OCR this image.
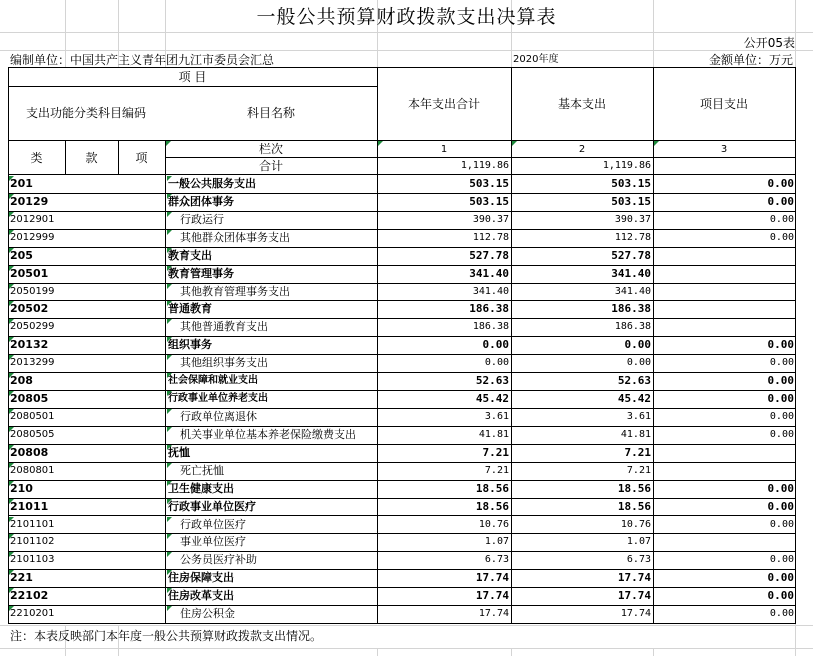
一般公共预算财政拨款支出决算表
公开05表
编制单位：中国共产主义青年团九江市委员会汇总	2020年度	金额单位：万元
项 目
支出功能分类科目编码	科目名称
本年支出合计	基本支出	项目支出
类	款	项
栏次	1	2	3
合计	1,119.86	1,119.86
201	一般公共服务支出	503.15	503.15	0.00
20129	群众团体事务	503.15	503.15	0.00
2012901	行政运行	390.37	390.37	0.00
2012999	其他群众团体事务支出	112.78	112.78	0.00
205	教育支出	527.78	527.78
20501	教育管理事务	341.40	341.40
2050199	其他教育管理事务支出	341.40	341.40
20502	普通教育	186.38	186.38
2050299	其他普通教育支出	186.38	186.38
20132	组织事务	0.00	0.00	0.00
2013299	其他组织事务支出	0.00	0.00	0.00
208	社会保障和就业支出	52.63	52.63	0.00
20805	行政事业单位养老支出	45.42	45.42	0.00
2080501	行政单位离退休	3.61	3.61	0.00
2080505	机关事业单位基本养老保险缴费支出	41.81	41.81	0.00
20808	抚恤	7.21	7.21
2080801	死亡抚恤	7.21	7.21
210	卫生健康支出	18.56	18.56	0.00
21011	行政事业单位医疗	18.56	18.56	0.00
2101101	行政单位医疗	10.76	10.76	0.00
2101102	事业单位医疗	1.07	1.07
2101103	公务员医疗补助	6.73	6.73	0.00
221	住房保障支出	17.74	17.74	0.00
22102	住房改革支出	17.74	17.74	0.00
2210201	住房公积金	17.74	17.74	0.00
注：本表反映部门本年度一般公共预算财政拨款支出情况。
